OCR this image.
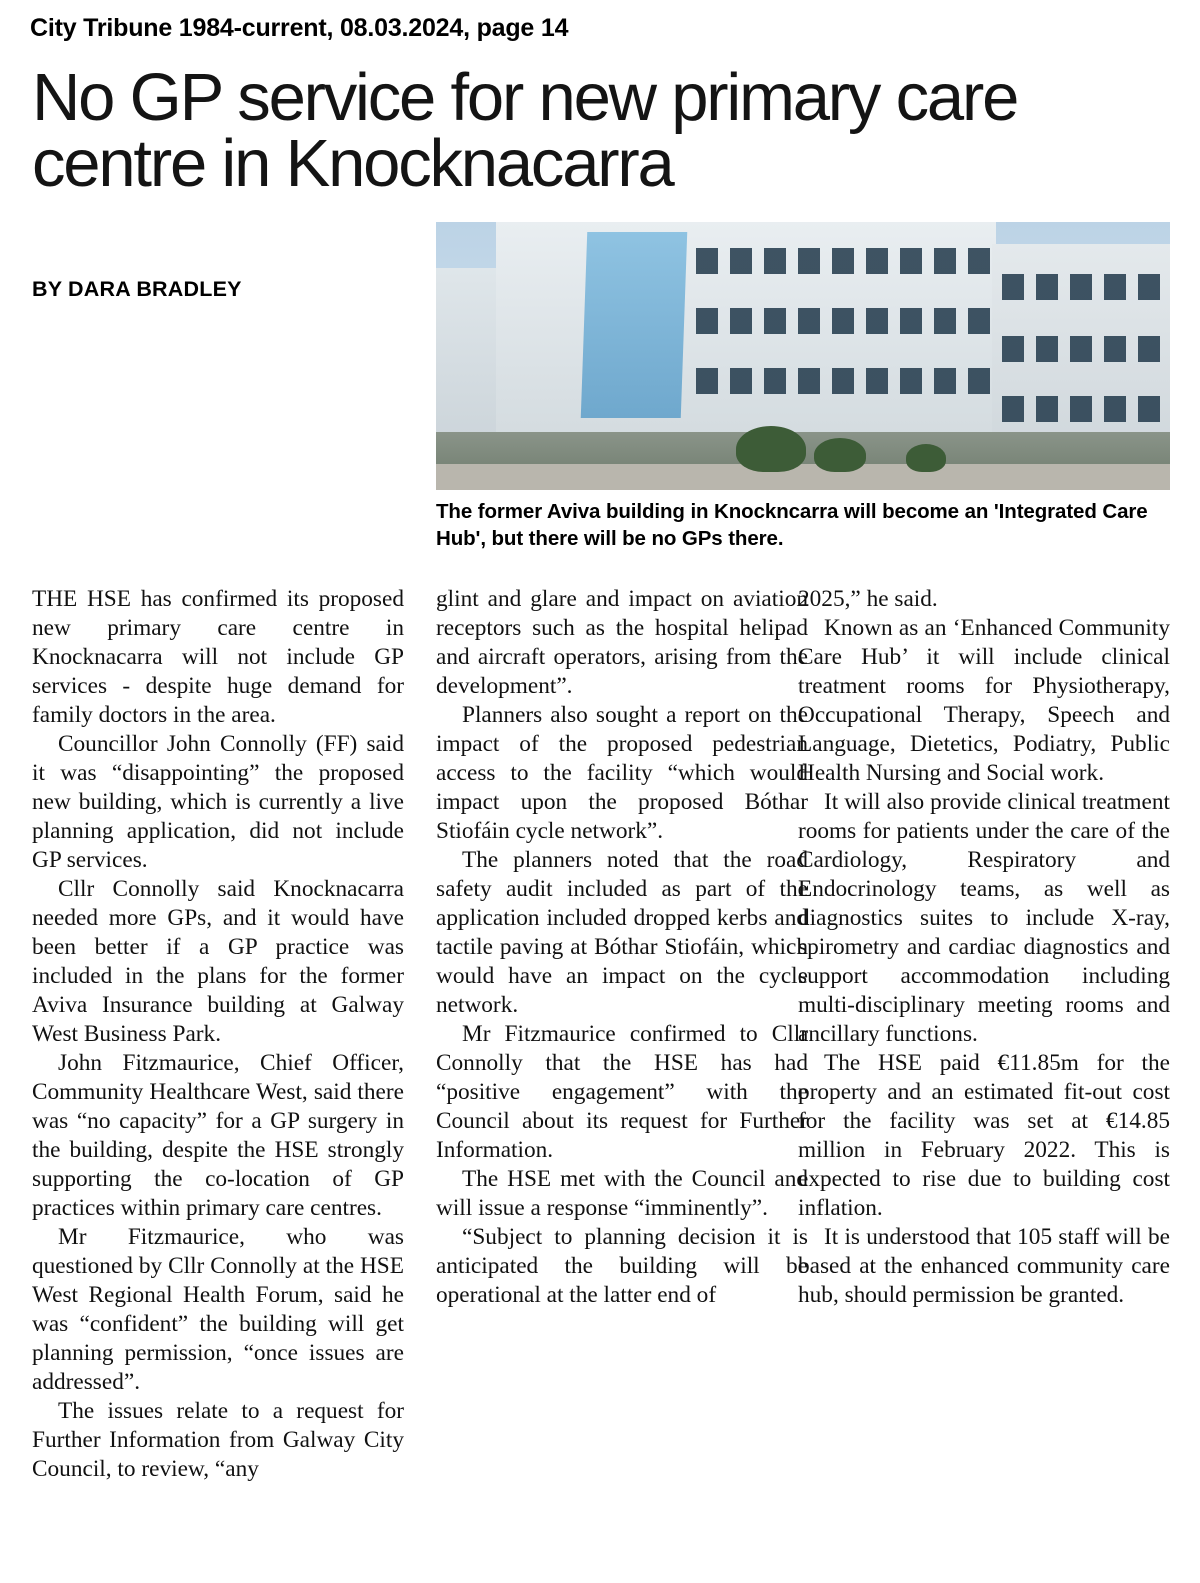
City Tribune 1984-current, 08.03.2024, page 14
No GP service for new primary care centre in Knocknacarra
BY DARA BRADLEY
The former Aviva building in Knockncarra will become an 'Integrated Care Hub', but there will be no GPs there.

THE HSE has confirmed its proposed new primary care centre in Knocknacarra will not include GP services - despite huge demand for family doctors in the area.

Councillor John Connolly (FF) said it was “disappointing” the proposed new building, which is currently a live planning application, did not include GP services.

Cllr Connolly said Knocknacarra needed more GPs, and it would have been better if a GP practice was included in the plans for the former Aviva Insurance building at Galway West Business Park.

John Fitzmaurice, Chief Officer, Community Healthcare West, said there was “no capacity” for a GP surgery in the building, despite the HSE strongly supporting the co-location of GP practices within primary care centres.

Mr Fitzmaurice, who was questioned by Cllr Connolly at the HSE West Regional Health Forum, said he was “confident” the building will get planning permission, “once issues are addressed”.

The issues relate to a request for Further Information from Galway City Council, to review, “any

glint and glare and impact on aviation receptors such as the hospital helipad and aircraft operators, arising from the development”.

Planners also sought a report on the impact of the proposed pedestrian access to the facility “which would impact upon the proposed Bóthar Stiofáin cycle network”.

The planners noted that the road safety audit included as part of the application included dropped kerbs and tactile paving at Bóthar Stiofáin, which would have an impact on the cycle network.

Mr Fitzmaurice confirmed to Cllr Connolly that the HSE has had “positive engagement” with the Council about its request for Further Information.

The HSE met with the Council and will issue a response “imminently”.

“Subject to planning decision it is anticipated the building will be operational at the latter end of

2025,” he said.

Known as an ‘Enhanced Community Care Hub’ it will include clinical treatment rooms for Physiotherapy, Occupational Therapy, Speech and Language, Dietetics, Podiatry, Public Health Nursing and Social work.

It will also provide clinical treatment rooms for patients under the care of the Cardiology, Respiratory and Endocrinology teams, as well as diagnostics suites to include X-ray, spirometry and cardiac diagnostics and support accommodation including multi-disciplinary meeting rooms and ancillary functions.

The HSE paid €11.85m for the property and an estimated fit-out cost for the facility was set at €14.85 million in February 2022. This is expected to rise due to building cost inflation.

It is understood that 105 staff will be based at the enhanced community care hub, should permission be granted.
